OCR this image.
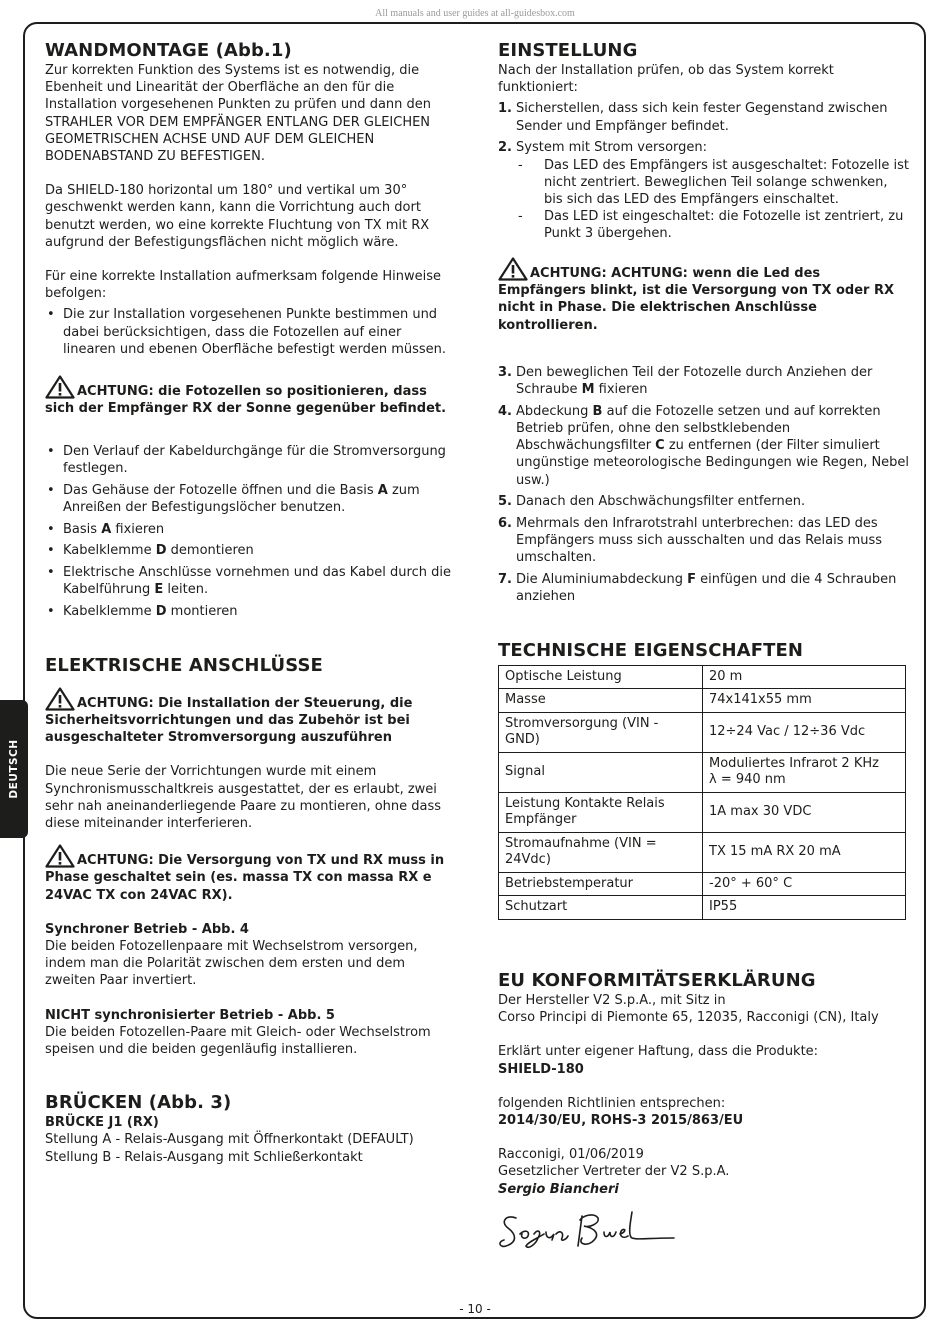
All manuals and user guides at all-guidesbox.com
DEUTSCH
WANDMONTAGE (Abb.1)

Zur korrekten Funktion des Systems ist es notwendig, die Ebenheit und Linearität der Oberfläche an den für die Installation vorgesehenen Punkten zu prüfen und dann den STRAHLER VOR DEM EMPFÄNGER ENTLANG DER GLEICHEN GEOMETRISCHEN ACHSE UND AUF DEM GLEICHEN BODENABSTAND ZU BEFESTIGEN.

Da SHIELD-180 horizontal um 180° und vertikal um 30° geschwenkt werden kann, kann die Vorrichtung auch dort benutzt werden, wo eine korrekte Fluchtung von TX mit RX aufgrund der Befestigungsflächen nicht möglich wäre.

Für eine korrekte Installation aufmerksam folgende Hinweise befolgen:

• Die zur Installation vorgesehenen Punkte bestimmen und dabei berücksichtigen, dass die Fotozellen auf einer linearen und ebenen Oberfläche befestigt werden müssen.

ACHTUNG: die Fotozellen so positionieren, dass sich der Empfänger RX der Sonne gegenüber befindet.

• Den Verlauf der Kabeldurchgänge für die Stromversorgung festlegen.
• Das Gehäuse der Fotozelle öffnen und die Basis A zum Anreißen der Befestigungslöcher benutzen.
• Basis A fixieren
• Kabelklemme D demontieren
• Elektrische Anschlüsse vornehmen und das Kabel durch die Kabelführung E leiten.
• Kabelklemme D montieren
ELEKTRISCHE ANSCHLÜSSE

ACHTUNG: Die Installation der Steuerung, die Sicherheitsvorrichtungen und das Zubehör ist bei ausgeschalteter Stromversorgung auszuführen

Die neue Serie der Vorrichtungen wurde mit einem Synchronismusschaltkreis ausgestattet, der es erlaubt, zwei sehr nah aneinanderliegende Paare zu montieren, ohne dass diese miteinander interferieren.

ACHTUNG: Die Versorgung von TX und RX muss in Phase geschaltet sein (es. massa TX con massa RX e 24VAC TX con 24VAC RX).

Synchroner Betrieb - Abb. 4

Die beiden Fotozellenpaare mit Wechselstrom versorgen, indem man die Polarität zwischen dem ersten und dem zweiten Paar invertiert.

NICHT synchronisierter Betrieb - Abb. 5

Die beiden Fotozellen-Paare mit Gleich- oder Wechselstrom speisen und die beiden gegenläufig installieren.

BRÜCKEN (Abb. 3)

BRÜCKE J1 (RX)

Stellung A - Relais-Ausgang mit Öffnerkontakt (DEFAULT)

Stellung B - Relais-Ausgang mit Schließerkontakt

EINSTELLUNG

Nach der Installation prüfen, ob das System korrekt funktioniert:

1. Sicherstellen, dass sich kein fester Gegenstand zwischen Sender und Empfänger befindet.
2. System mit Strom versorgen:
- Das LED des Empfängers ist ausgeschaltet: Fotozelle ist nicht zentriert. Beweglichen Teil solange schwenken, bis sich das LED des Empfängers einschaltet.
- Das LED ist eingeschaltet: die Fotozelle ist zentriert, zu Punkt 3 übergehen.

ACHTUNG: ACHTUNG: wenn die Led des Empfängers blinkt, ist die Versorgung von TX oder RX nicht in Phase. Die elektrischen Anschlüsse kontrollieren.

3. Den beweglichen Teil der Fotozelle durch Anziehen der Schraube M fixieren
4. Abdeckung B auf die Fotozelle setzen und auf korrekten Betrieb prüfen, ohne den selbstklebenden Abschwächungsfilter C zu entfernen (der Filter simuliert ungünstige meteorologische Bedingungen wie Regen, Nebel usw.)
5. Danach den Abschwächungsfilter entfernen.
6. Mehrmals den Infrarotstrahl unterbrechen: das LED des Empfängers muss sich ausschalten und das Relais muss umschalten.
7. Die Aluminiumabdeckung F einfügen und die 4 Schrauben anziehen
TECHNISCHE EIGENSCHAFTEN
Optische Leistung	20 m
Masse	74x141x55 mm
Stromversorgung (VIN - GND)	12÷24 Vac / 12÷36 Vdc
Signal	Moduliertes Infrarot 2 KHz
λ = 940 nm

Leistung Kontakte Relais Empfänger	1A max 30 VDC
Stromaufnahme (VIN = 24Vdc)	TX 15 mA RX 20 mA
Betriebstemperatur	-20° + 60° C
Schutzart	IP55
EU KONFORMITÄTSERKLÄRUNG

Der Hersteller V2 S.p.A., mit Sitz in

Corso Principi di Piemonte 65, 12035, Racconigi (CN), Italy

Erklärt unter eigener Haftung, dass die Produkte:

SHIELD-180

folgenden Richtlinien entsprechen:

2014/30/EU, ROHS-3 2015/863/EU

Racconigi, 01/06/2019

Gesetzlicher Vertreter der V2 S.p.A.

Sergio Biancheri

- 10 -
